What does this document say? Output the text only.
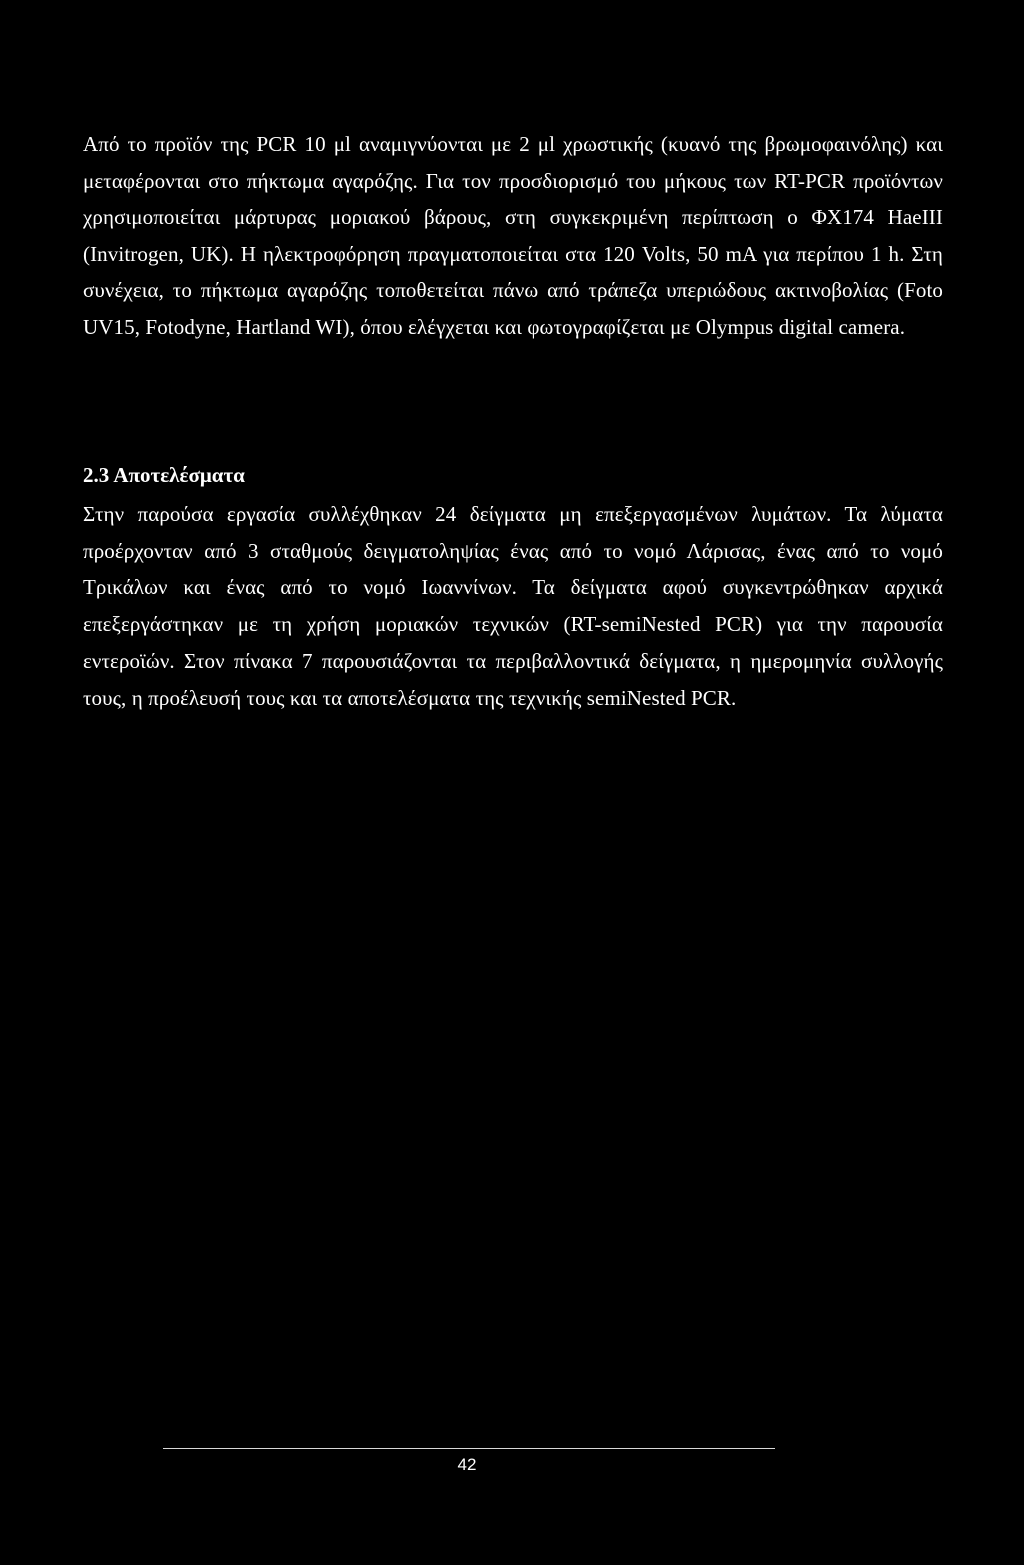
Από το προϊόν της PCR 10 μl αναμιγνύονται με 2 μl χρωστικής (κυανό της βρωμοφαινόλης) και μεταφέρονται στο πήκτωμα αγαρόζης. Για τον προσδιορισμό του μήκους των RT-PCR προϊόντων χρησιμοποιείται μάρτυρας μοριακού βάρους, στη συγκεκριμένη περίπτωση ο ΦΧ174 HaeIII (Invitrogen, UK). Η ηλεκτροφόρηση πραγματοποιείται στα 120 Volts, 50 mA για περίπου 1 h. Στη συνέχεια, το πήκτωμα αγαρόζης τοποθετείται πάνω από τράπεζα υπεριώδους ακτινοβολίας (Foto UV15, Fotodyne, Hartland WI), όπου ελέγχεται και φωτογραφίζεται με Olympus digital camera.

2.3 Αποτελέσματα

Στην παρούσα εργασία συλλέχθηκαν 24 δείγματα μη επεξεργασμένων λυμάτων. Τα λύματα προέρχονταν από 3 σταθμούς δειγματοληψίας ένας από το νομό Λάρισας, ένας από το νομό Τρικάλων και ένας από το νομό Ιωαννίνων. Τα δείγματα αφού συγκεντρώθηκαν αρχικά επεξεργάστηκαν με τη χρήση μοριακών τεχνικών (RT-semiNested PCR) για την παρουσία εντεροϊών. Στον πίνακα 7 παρουσιάζονται τα περιβαλλοντικά δείγματα, η ημερομηνία συλλογής τους, η προέλευσή τους και τα αποτελέσματα της τεχνικής semiNested PCR.

42
